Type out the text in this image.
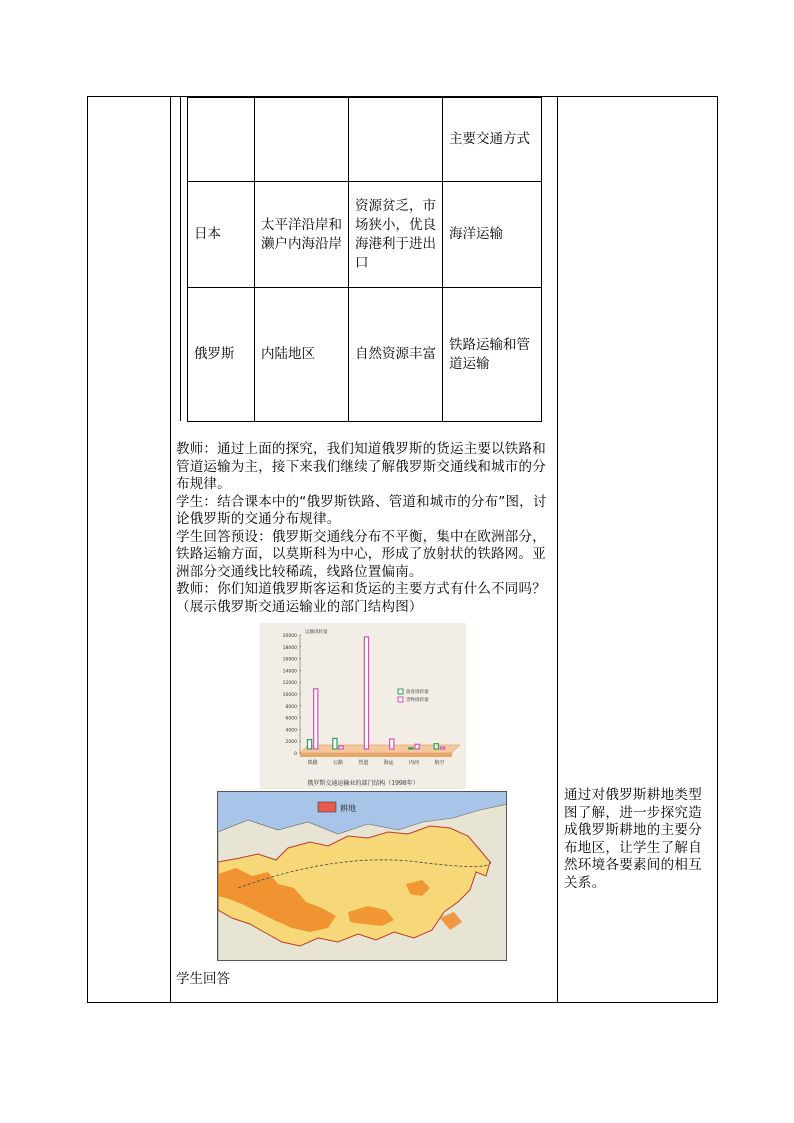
			主要交通方式
日本	太平洋沿岸和濑户内海沿岸	资源贫乏，市场狭小，优良海港利于进出口	海洋运输
俄罗斯	内陆地区	自然资源丰富	铁路运输和管道运输

教师：通过上面的探究，我们知道俄罗斯的货运主要以铁路和管道运输为主，接下来我们继续了解俄罗斯交通线和城市的分布规律。

学生：结合课本中的“俄罗斯铁路、管道和城市的分布”图，讨论俄罗斯的交通分布规律。

学生回答预设：俄罗斯交通线分布不平衡，集中在欧洲部分，铁路运输方面，以莫斯科为中心，形成了放射状的铁路网。亚洲部分交通线比较稀疏，线路位置偏南。

教师：你们知道俄罗斯客运和货运的主要方式有什么不同吗？（展示俄罗斯交通运输业的部门结构图）

0
2000
4000
6000
8000
10000
12000
14000
16000
18000
20000
运输周转量
铁路	公路	管道	海运	内河	航空
旅客周转量
货物周转量
俄罗斯交通运输业的部门结构（1998年）
耕地
通过对俄罗斯耕地类型图了解，进一步探究造成俄罗斯耕地的主要分布地区，让学生了解自然环境各要素间的相互关系。
学生回答
